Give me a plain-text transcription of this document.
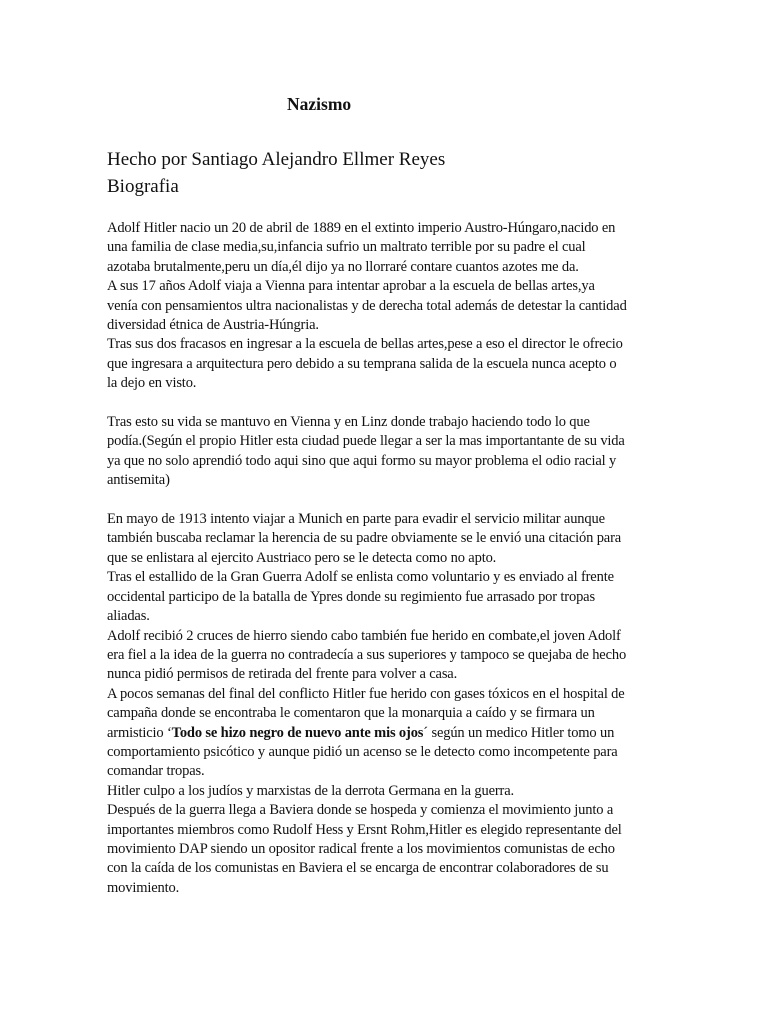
Nazismo

Hecho por Santiago Alejandro Ellmer Reyes

Biografia

Adolf Hitler nacio un 20 de abril de 1889 en el extinto imperio Austro-Húngaro,nacido en

una familia de clase media,su,infancia sufrio un maltrato terrible por su padre el cual

azotaba brutalmente,peru un día,él dijo ya no llorraré contare cuantos azotes me da.

A sus 17 años Adolf viaja a Vienna para intentar aprobar a la escuela de bellas artes,ya

venía con pensamientos ultra nacionalistas y de derecha total además de detestar la cantidad

diversidad étnica de Austria-Húngria.

Tras sus dos fracasos en ingresar a la escuela de bellas artes,pese a eso el director le ofrecio

que ingresara a arquitectura pero debido a su temprana salida de la escuela nunca acepto o

la dejo en visto.

Tras esto su vida se mantuvo en Vienna y en Linz donde trabajo haciendo todo lo que

podía.(Según el propio Hitler esta ciudad puede llegar a ser la mas importantante de su vida

ya que no solo aprendió todo aqui sino que aqui formo su mayor problema el odio racial y

antisemita)

En mayo de 1913 intento viajar a Munich en parte para evadir el servicio militar aunque

también buscaba reclamar la herencia de su padre obviamente se le envió una citación para

que se enlistara al ejercito Austriaco pero se le detecta como no apto.

Tras el estallido de la Gran Guerra Adolf se enlista como voluntario y es enviado al frente

occidental participo de la batalla de Ypres donde su regimiento fue arrasado por tropas

aliadas.

Adolf recibió 2 cruces de hierro siendo cabo también fue herido en combate,el joven Adolf

era fiel a la idea de la guerra no contradecía a sus superiores y tampoco se quejaba de hecho

nunca pidió permisos de retirada del frente para volver a casa.

A pocos semanas del final del conflicto Hitler fue herido con gases tóxicos en el hospital de

campaña donde se encontraba le comentaron que la monarquia a caído y se firmara un

armisticio ‘Todo se hizo negro de nuevo ante mis ojos´ según un medico Hitler tomo un

comportamiento psicótico y aunque pidió un acenso se le detecto como incompetente para

comandar tropas.

Hitler culpo a los judíos y marxistas de la derrota Germana en la guerra.

Después de la guerra llega a Baviera donde se hospeda y comienza el movimiento junto a

importantes miembros como Rudolf Hess y Ersnt Rohm,Hitler es elegido representante del

movimiento DAP siendo un opositor radical frente a los movimientos comunistas de echo

con la caída de los comunistas en Baviera el se encarga de encontrar colaboradores de su

movimiento.
